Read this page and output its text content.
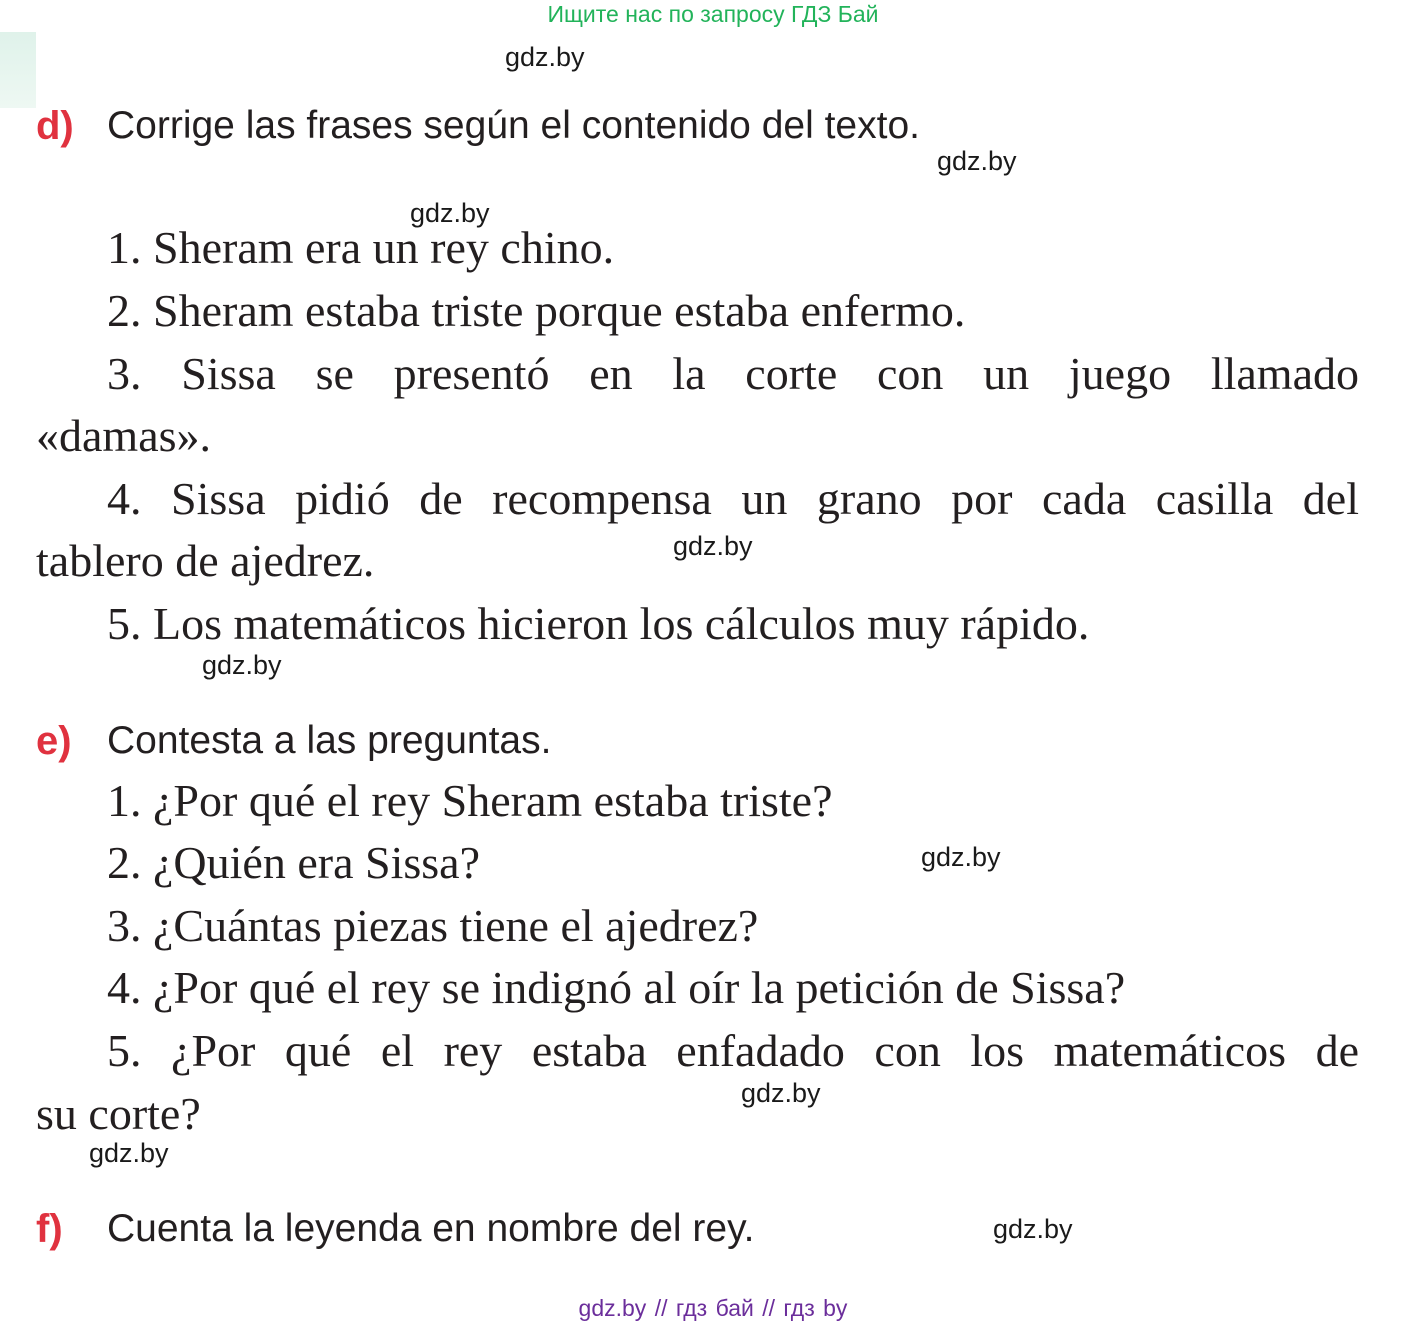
Ищите нас по запросу ГДЗ Бай
gdz.by
gdz.by
gdz.by
gdz.by
gdz.by
gdz.by
gdz.by
gdz.by
gdz.by
d) Corrige las frases según el contenido del texto.
1. Sheram era un rey chino.
2. Sheram estaba triste porque estaba enfermo.
3. Sissa se presentó en la corte con un juego llamado
«damas».
4. Sissa pidió de recompensa un grano por cada casilla del
tablero de ajedrez.
5. Los matemáticos hicieron los cálculos muy rápido.
e) Contesta a las preguntas.
1. ¿Por qué el rey Sheram estaba triste?
2. ¿Quién era Sissa?
3. ¿Cuántas piezas tiene el ajedrez?
4. ¿Por qué el rey se indignó al oír la petición de Sissa?
5. ¿Por qué el rey estaba enfadado con los matemáticos de
su corte?
f) Cuenta la leyenda en nombre del rey.
gdz.by // гдз бай // гдз by
